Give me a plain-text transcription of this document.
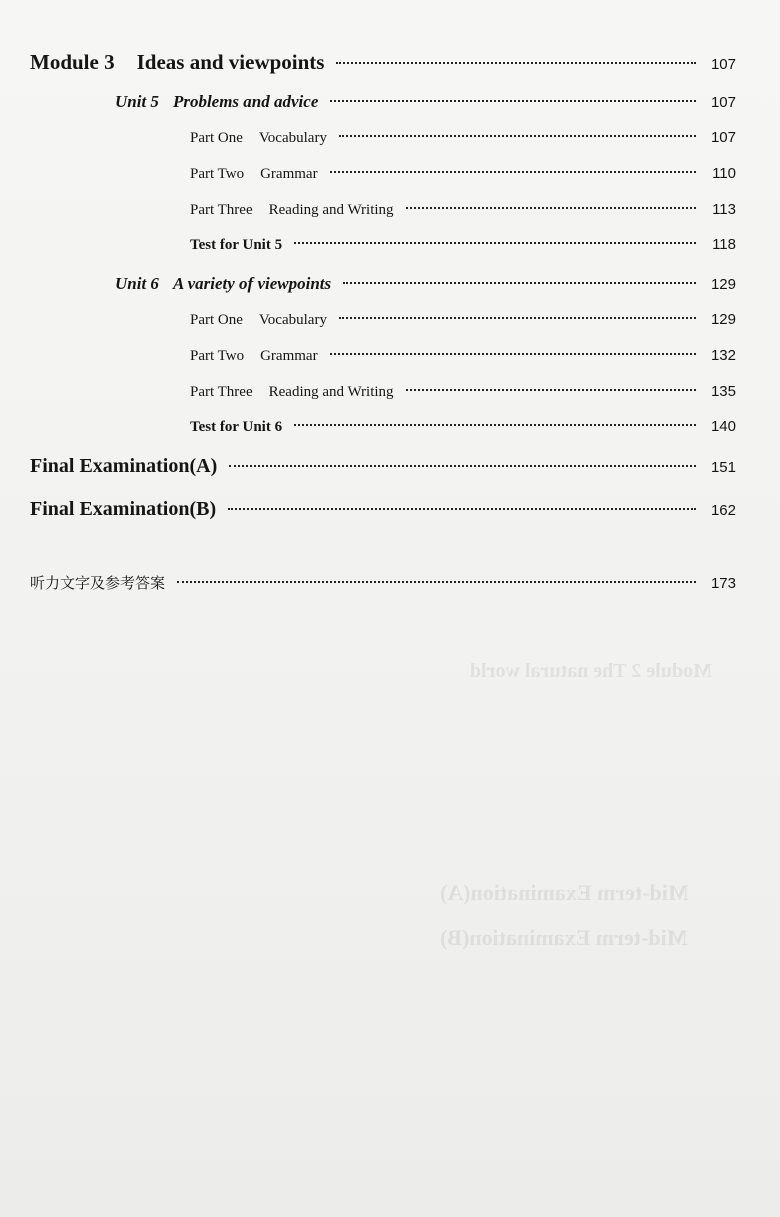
Mid-term Examination(A)
Mid-term Examination(B)
Module 2 The natural world
Module 3 Ideas and viewpoints	107
Unit 5 Problems and advice	107
Part One Vocabulary	107
Part Two Grammar	110
Part Three Reading and Writing	113
Test for Unit 5	118
Unit 6 A variety of viewpoints	129
Part One Vocabulary	129
Part Two Grammar	132
Part Three Reading and Writing	135
Test for Unit 6	140
Final Examination(A)	151
Final Examination(B)	162
听力文字及参考答案	173
